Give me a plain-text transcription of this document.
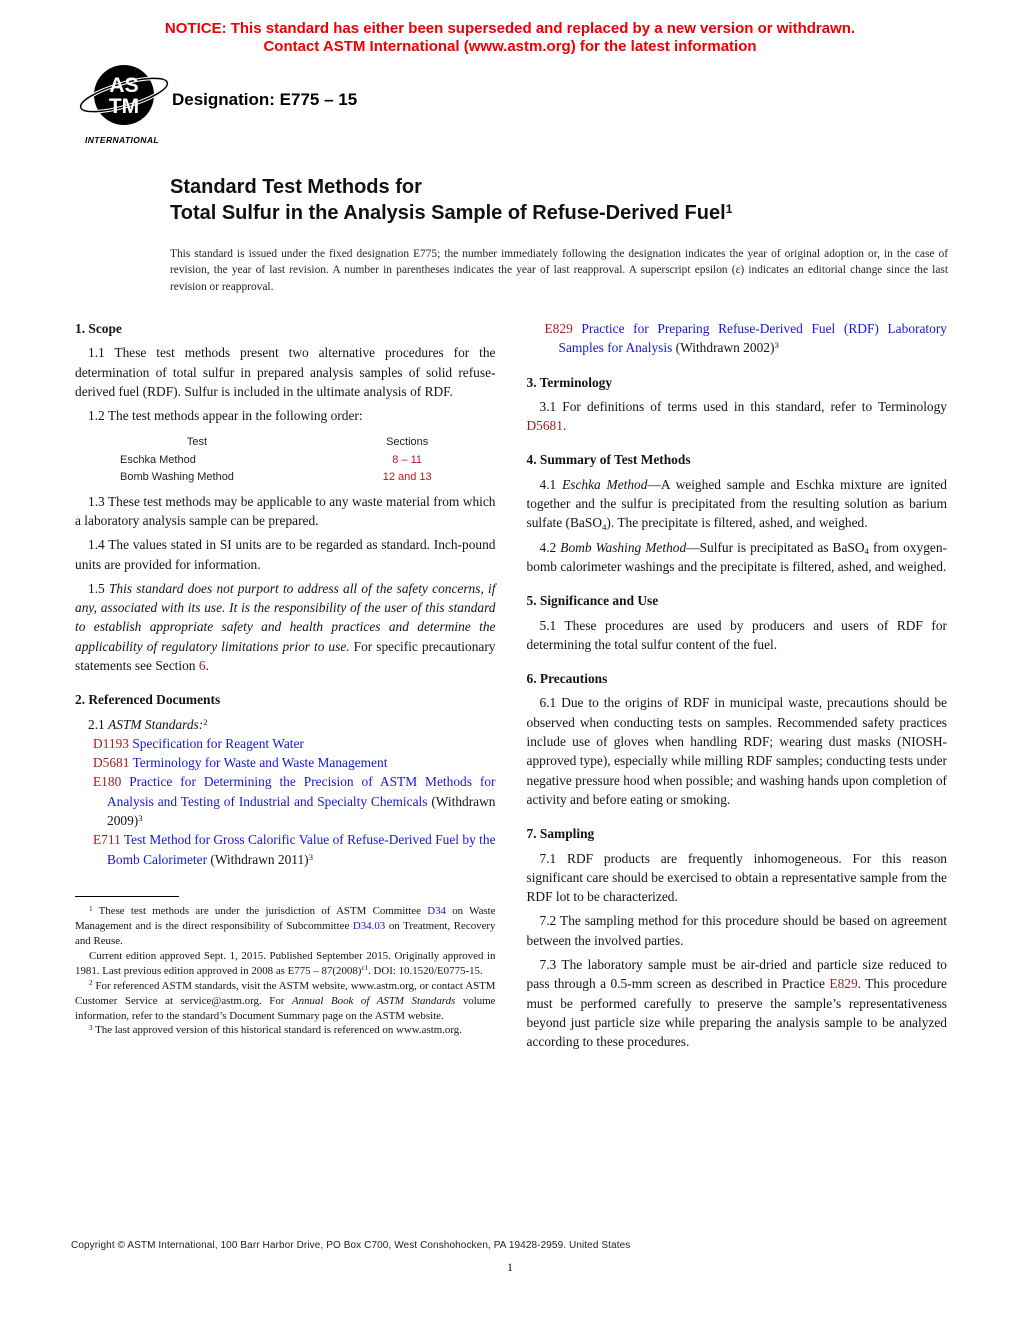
NOTICE: This standard has either been superseded and replaced by a new version or withdrawn.
Contact ASTM International (www.astm.org) for the latest information
AS
TM
INTERNATIONAL
Designation: E775 – 15
Standard Test Methods for
Total Sulfur in the Analysis Sample of Refuse-Derived Fuel$^1$
This standard is issued under the fixed designation E775; the number immediately following the designation indicates the year of original adoption or, in the case of revision, the year of last revision. A number in parentheses indicates the year of last reapproval. A superscript epsilon (ε) indicates an editorial change since the last revision or reapproval.
1. Scope

1.1 These test methods present two alternative procedures for the determination of total sulfur in prepared analysis samples of solid refuse-derived fuel (RDF). Sulfur is included in the ultimate analysis of RDF.

1.2 The test methods appear in the following order:

Test	Sections
Eschka Method	8 – 11
Bomb Washing Method	12 and 13

1.3 These test methods may be applicable to any waste material from which a laboratory analysis sample can be prepared.

1.4 The values stated in SI units are to be regarded as standard. Inch-pound units are provided for information.

1.5 This standard does not purport to address all of the safety concerns, if any, associated with its use. It is the responsibility of the user of this standard to establish appropriate safety and health practices and determine the applicability of regulatory limitations prior to use. For specific precautionary statements see Section 6.

2. Referenced Documents

2.1 ASTM Standards:$^2$

D1193 Specification for Reagent Water
D5681 Terminology for Waste and Waste Management
E180 Practice for Determining the Precision of ASTM Methods for Analysis and Testing of Industrial and Specialty Chemicals (Withdrawn 2009)$^3$
E711 Test Method for Gross Calorific Value of Refuse-Derived Fuel by the Bomb Calorimeter (Withdrawn 2011)$^3$

$^1$ These test methods are under the jurisdiction of ASTM Committee D34 on Waste Management and is the direct responsibility of Subcommittee D34.03 on Treatment, Recovery and Reuse.

Current edition approved Sept. 1, 2015. Published September 2015. Originally approved in 1981. Last previous edition approved in 2008 as $E775 - 87(2008)^{\varepsilon 1}$. DOI: 10.1520/E0775-15.

$^2$ For referenced ASTM standards, visit the ASTM website, www.astm.org, or contact ASTM Customer Service at service@astm.org. For Annual Book of ASTM Standards volume information, refer to the standard’s Document Summary page on the ASTM website.

$^3$ The last approved version of this historical standard is referenced on www.astm.org.

E829 Practice for Preparing Refuse-Derived Fuel (RDF) Laboratory Samples for Analysis (Withdrawn 2002)$^3$
3. Terminology

3.1 For definitions of terms used in this standard, refer to Terminology D5681.

4. Summary of Test Methods

4.1 Eschka Method—A weighed sample and Eschka mixture are ignited together and the sulfur is precipitated from the resulting solution as barium sulfate (BaSO$_4$). The precipitate is filtered, ashed, and weighed.

4.2 Bomb Washing Method—Sulfur is precipitated as BaSO$_4$ from oxygen-bomb calorimeter washings and the precipitate is filtered, ashed, and weighed.

5. Significance and Use

5.1 These procedures are used by producers and users of RDF for determining the total sulfur content of the fuel.

6. Precautions

6.1 Due to the origins of RDF in municipal waste, precautions should be observed when conducting tests on samples. Recommended safety practices include use of gloves when handling RDF; wearing dust masks (NIOSH-approved type), especially while milling RDF samples; conducting tests under negative pressure hood when possible; and washing hands upon completion of activity and before eating or smoking.

7. Sampling

7.1 RDF products are frequently inhomogeneous. For this reason significant care should be exercised to obtain a representative sample from the RDF lot to be characterized.

7.2 The sampling method for this procedure should be based on agreement between the involved parties.

7.3 The laboratory sample must be air-dried and particle size reduced to pass through a 0.5-mm screen as described in Practice E829. This procedure must be performed carefully to preserve the sample’s representativeness beyond just particle size while preparing the analysis sample to be analyzed according to these procedures.

Copyright © ASTM International, 100 Barr Harbor Drive, PO Box C700, West Conshohocken, PA 19428-2959. United States
1
